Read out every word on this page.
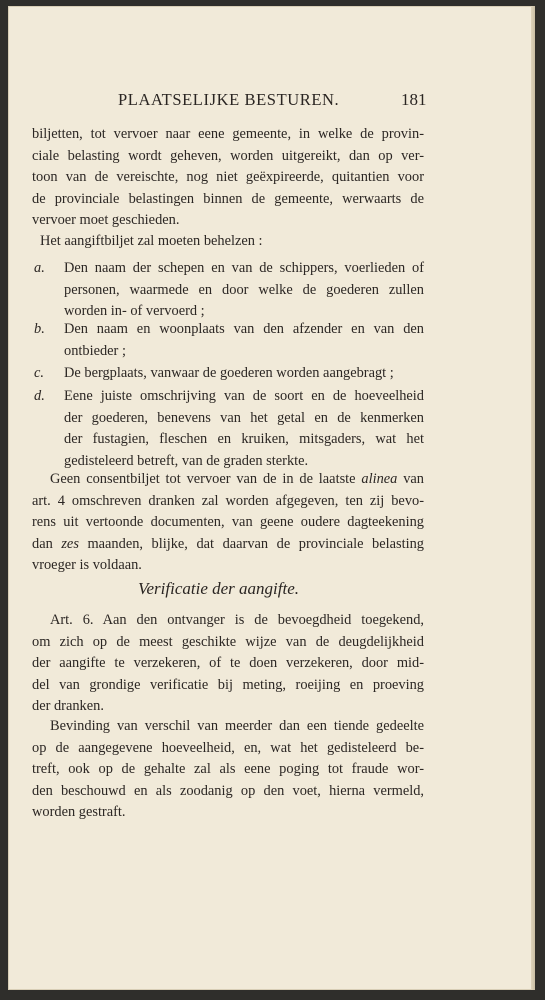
PLAATSELIJKE BESTUREN.	181
biljetten, tot vervoer naar eene gemeente, in welke de provin-
ciale belasting wordt geheven, worden uitgereikt, dan op ver-
toon van de vereischte, nog niet geëxpireerde, quitantien voor
de provinciale belastingen binnen de gemeente, werwaarts de
vervoer moet geschieden.
Het aangiftbiljet zal moeten behelzen :
a. Den naam der schepen en van de schippers, voerlieden of
personen, waarmede en door welke de goederen zullen
worden in- of vervoerd ;
b. Den naam en woonplaats van den afzender en van den
ontbieder ;
c. De bergplaats, vanwaar de goederen worden aangebragt ;
d. Eene juiste omschrijving van de soort en de hoeveelheid
der goederen, benevens van het getal en de kenmerken
der fustagien, fleschen en kruiken, mitsgaders, wat het
gedisteleerd betreft, van de graden sterkte.
Geen consentbiljet tot vervoer van de in de laatste alinea van
art. 4 omschreven dranken zal worden afgegeven, ten zij bevo-
rens uit vertoonde documenten, van geene oudere dagteekening
dan zes maanden, blijke, dat daarvan de provinciale belasting
vroeger is voldaan.
Verificatie der aangifte.
Art. 6. Aan den ontvanger is de bevoegdheid toegekend,
om zich op de meest geschikte wijze van de deugdelijkheid
der aangifte te verzekeren, of te doen verzekeren, door mid-
del van grondige verificatie bij meting, roeijing en proeving
der dranken.
Bevinding van verschil van meerder dan een tiende gedeelte
op de aangegevene hoeveelheid, en, wat het gedisteleerd be-
treft, ook op de gehalte zal als eene poging tot fraude wor-
den beschouwd en als zoodanig op den voet, hierna vermeld,
worden gestraft.
